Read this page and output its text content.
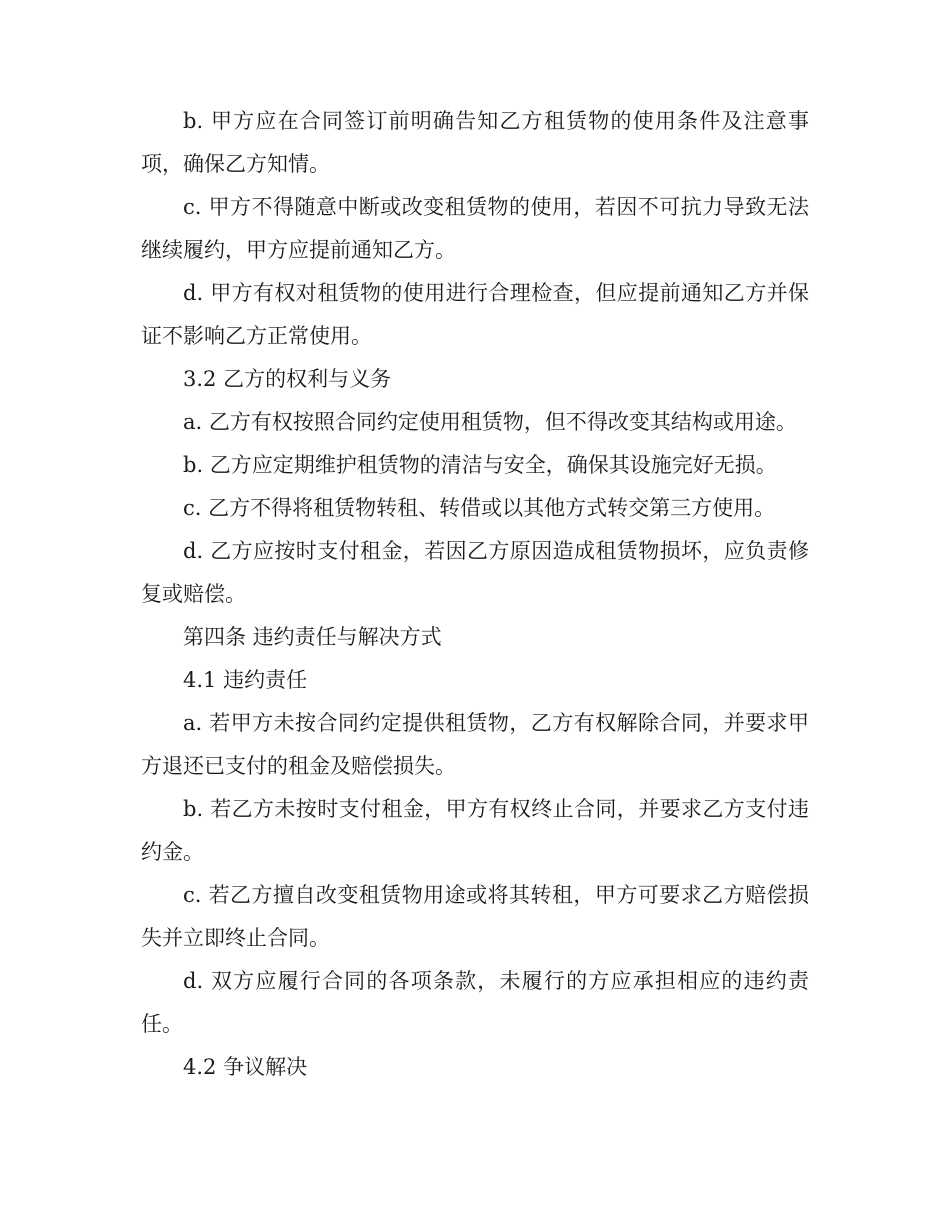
b. 甲方应在合同签订前明确告知乙方租赁物的使用条件及注意事项，确保乙方知情。

c. 甲方不得随意中断或改变租赁物的使用，若因不可抗力导致无法继续履约，甲方应提前通知乙方。

d. 甲方有权对租赁物的使用进行合理检查，但应提前通知乙方并保证不影响乙方正常使用。

3.2 乙方的权利与义务

a. 乙方有权按照合同约定使用租赁物，但不得改变其结构或用途。

b. 乙方应定期维护租赁物的清洁与安全，确保其设施完好无损。

c. 乙方不得将租赁物转租、转借或以其他方式转交第三方使用。

d. 乙方应按时支付租金，若因乙方原因造成租赁物损坏，应负责修复或赔偿。

第四条 违约责任与解决方式

4.1 违约责任

a. 若甲方未按合同约定提供租赁物，乙方有权解除合同，并要求甲方退还已支付的租金及赔偿损失。

b. 若乙方未按时支付租金，甲方有权终止合同，并要求乙方支付违约金。

c. 若乙方擅自改变租赁物用途或将其转租，甲方可要求乙方赔偿损失并立即终止合同。

d. 双方应履行合同的各项条款，未履行的方应承担相应的违约责任。

4.2 争议解决
